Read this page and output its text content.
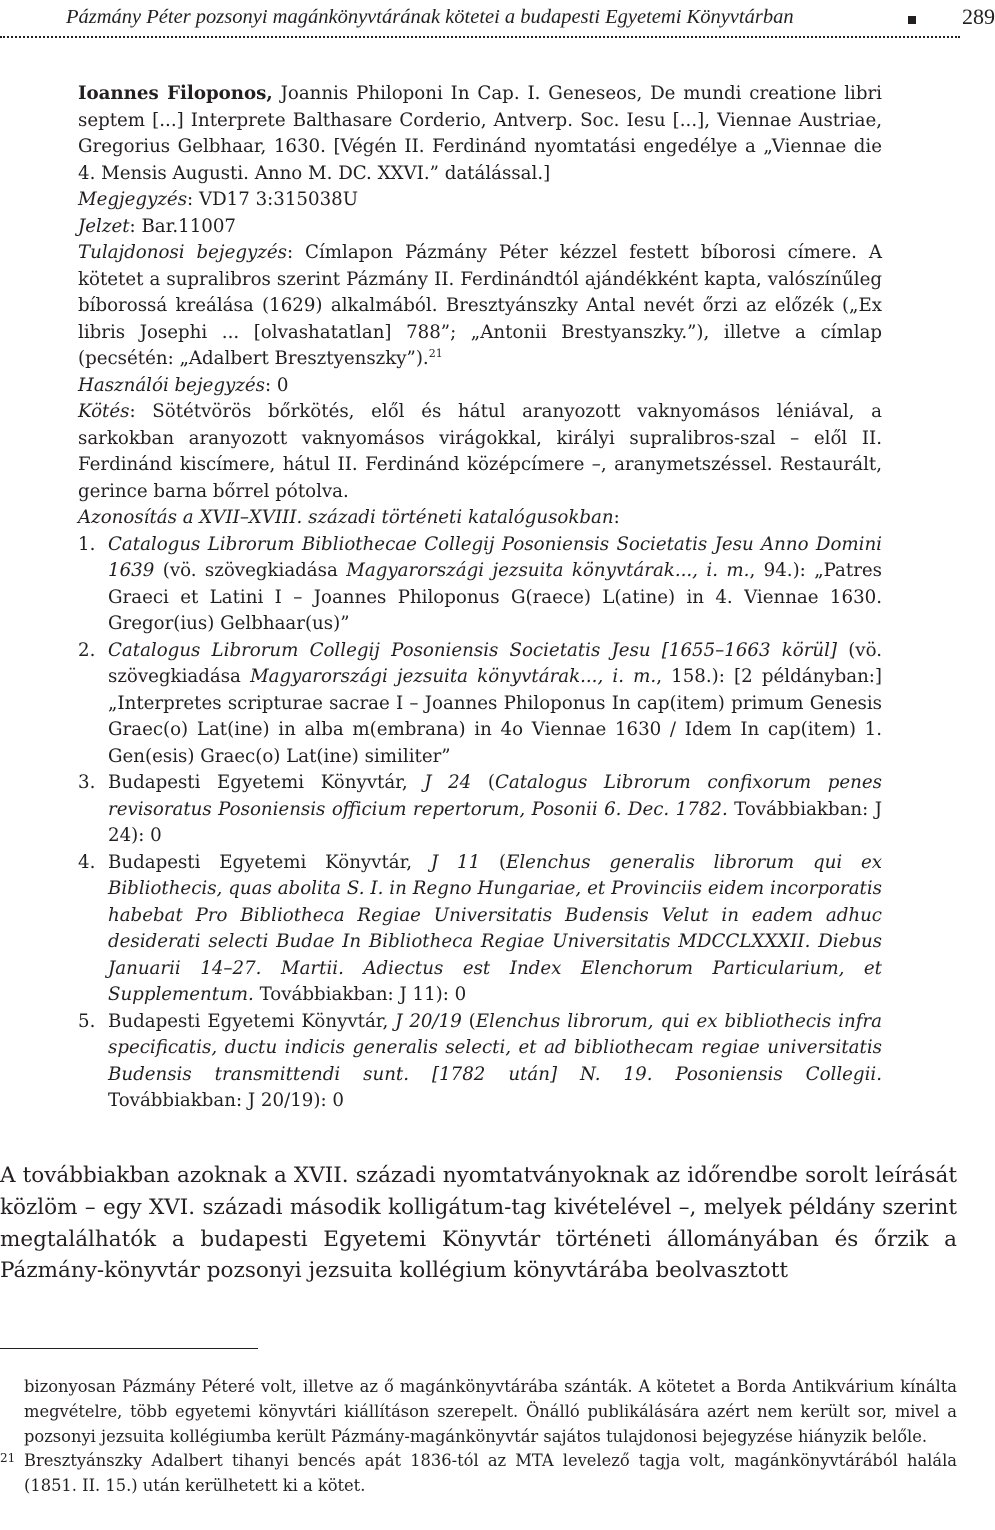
Pázmány Péter pozsonyi magánkönyvtárának kötetei a budapesti Egyetemi Könyvtárban	289

Ioannes Filoponos, Joannis Philoponi In Cap. I. Geneseos, De mundi creatione libri septem [...] Interprete Balthasare Corderio, Antverp. Soc. Iesu [...], Viennae Austriae, Gregorius Gelbhaar, 1630. [Végén II. Ferdinánd nyomtatási engedélye a „Viennae die 4. Mensis Augusti. Anno M. DC. XXVI.” datálással.]

Megjegyzés: VD17 3:315038U

Jelzet: Bar.11007

Tulajdonosi bejegyzés: Címlapon Pázmány Péter kézzel festett bíborosi címere. A kötetet a supralibros szerint Pázmány II. Ferdinándtól ajándékként kapta, valószínűleg bíborossá kreálása (1629) alkalmából. Bresztyánszky Antal nevét őrzi az előzék („Ex libris Josephi ... [olvashatatlan] 788”; „Antonii Brestyanszky.”), illetve a címlap (pecsétén: „Adalbert Bresztyenszky”).$^{21}$

Használói bejegyzés: 0

Kötés: Sötétvörös bőrkötés, elől és hátul aranyozott vaknyomásos léniával, a sarkokban aranyozott vaknyomásos virágokkal, királyi supralibros-szal – elől II. Ferdinánd kiscímere, hátul II. Ferdinánd középcímere –, aranymetszéssel. Restaurált, gerince barna bőrrel pótolva.

Azonosítás a XVII–XVIII. századi történeti katalógusokban:

1. Catalogus Librorum Bibliothecae Collegij Posoniensis Societatis Jesu Anno Domini 1639 (vö. szövegkiadása Magyarországi jezsuita könyvtárak..., i. m., 94.): „Patres Graeci et Latini I – Joannes Philoponus G(raece) L(atine) in 4. Viennae 1630. Gregor(ius) Gelbhaar(us)”
2. Catalogus Librorum Collegij Posoniensis Societatis Jesu [1655–1663 körül] (vö. szövegkiadása Magyarországi jezsuita könyvtárak..., i. m., 158.): [2 példányban:] „Interpretes scripturae sacrae I – Joannes Philoponus In cap(item) primum Genesis Graec(o) Lat(ine) in alba m(embrana) in 4o Viennae 1630 / Idem In cap(item) 1. Gen(esis) Graec(o) Lat(ine) similiter”
3. Budapesti Egyetemi Könyvtár, J 24 (Catalogus Librorum confixorum penes revisoratus Posoniensis officium repertorum, Posonii 6. Dec. 1782. Továbbiakban: J 24): 0
4. Budapesti Egyetemi Könyvtár, J 11 (Elenchus generalis librorum qui ex Bibliothecis, quas abolita S. I. in Regno Hungariae, et Provinciis eidem incorporatis habebat Pro Bibliotheca Regiae Universitatis Budensis Velut in eadem adhuc desiderati selecti Budae In Bibliotheca Regiae Universitatis MDCCLXXXII. Diebus Januarii 14–27. Martii. Adiectus est Index Elenchorum Particularium, et Supplementum. Továbbiakban: J 11): 0
5. Budapesti Egyetemi Könyvtár, J 20/19 (Elenchus librorum, qui ex bibliothecis infra specificatis, ductu indicis generalis selecti, et ad bibliothecam regiae universitatis Budensis transmittendi sunt. [1782 után] N. 19. Posoniensis Collegii. Továbbiakban: J 20/19): 0

A továbbiakban azoknak a XVII. századi nyomtatványoknak az időrendbe sorolt leírását közlöm – egy XVI. századi második kolligátum-tag kivételével –, melyek példány szerint megtalálhatók a budapesti Egyetemi Könyvtár történeti állományában és őrzik a Pázmány-könyvtár pozsonyi jezsuita kollégium könyvtárába beolvasztott

bizonyosan Pázmány Péteré volt, illetve az ő magánkönyvtárába szánták. A kötetet a Borda Antikvárium kínálta megvételre, több egyetemi könyvtári kiállításon szerepelt. Önálló publikálására azért nem került sor, mivel a pozsonyi jezsuita kollégiumba került Pázmány-magánkönyvtár sajátos tulajdonosi bejegyzése hiányzik belőle.
21 Bresztyánszky Adalbert tihanyi bencés apát 1836-tól az MTA levelező tagja volt, magánkönyvtárából halála (1851. II. 15.) után kerülhetett ki a kötet.
